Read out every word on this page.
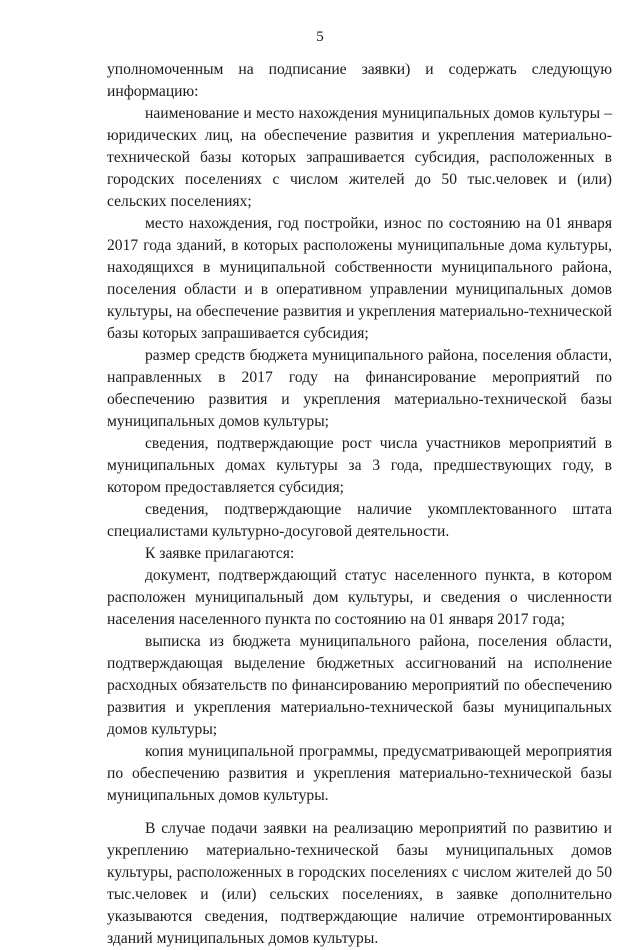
5

уполномоченным на подписание заявки) и содержать следующую информацию:

наименование и место нахождения муниципальных домов культуры – юридических лиц, на обеспечение развития и укрепления материально-технической базы которых запрашивается субсидия, расположенных в городских поселениях с числом жителей до 50 тыс.человек и (или) сельских поселениях;

место нахождения, год постройки, износ по состоянию на 01 января 2017 года зданий, в которых расположены муниципальные дома культуры, находящихся в муниципальной собственности муниципального района, поселения области и в оперативном управлении муниципальных домов культуры, на обеспечение развития и укрепления материально-технической базы которых запрашивается субсидия;

размер средств бюджета муниципального района, поселения области, направленных в 2017 году на финансирование мероприятий по обеспечению развития и укрепления материально-технической базы муниципальных домов культуры;

сведения, подтверждающие рост числа участников мероприятий в муниципальных домах культуры за 3 года, предшествующих году, в котором предоставляется субсидия;

сведения, подтверждающие наличие укомплектованного штата специалистами культурно-досуговой деятельности.

К заявке прилагаются:

документ, подтверждающий статус населенного пункта, в котором расположен муниципальный дом культуры, и сведения о численности населения населенного пункта по состоянию на 01 января 2017 года;

выписка из бюджета муниципального района, поселения области, подтверждающая выделение бюджетных ассигнований на исполнение расходных обязательств по финансированию мероприятий по обеспечению развития и укрепления материально-технической базы муниципальных домов культуры;

копия муниципальной программы, предусматривающей мероприятия по обеспечению развития и укрепления материально-технической базы муниципальных домов культуры.

В случае подачи заявки на реализацию мероприятий по развитию и укреплению материально-технической базы муниципальных домов культуры, расположенных в городских поселениях с числом жителей до 50 тыс.человек и (или) сельских поселениях, в заявке дополнительно указываются сведения, подтверждающие наличие отремонтированных зданий муниципальных домов культуры.
